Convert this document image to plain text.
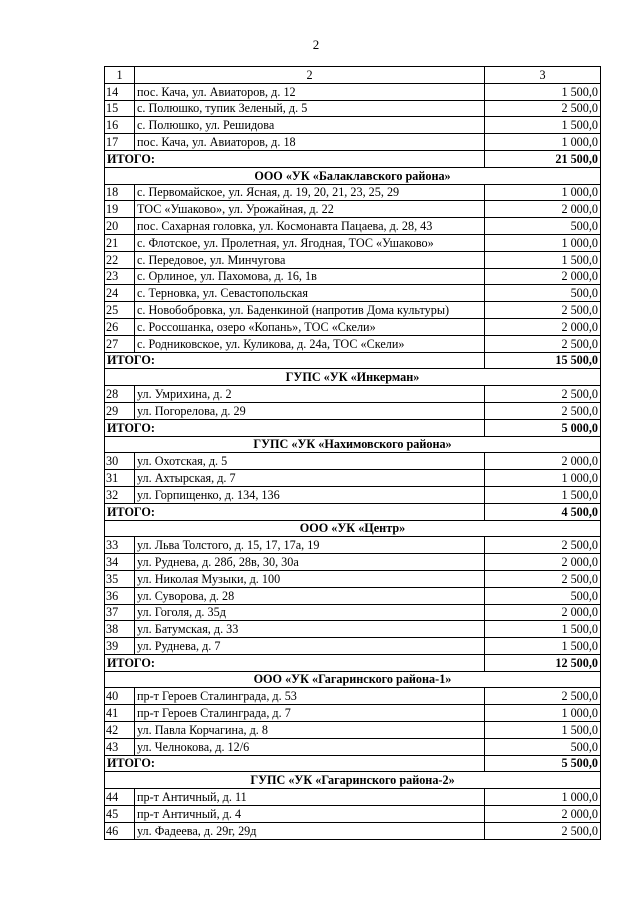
2
1	2	3
14	пос. Кача, ул. Авиаторов, д. 12	1 500,0
15	с. Полюшко, тупик Зеленый, д. 5	2 500,0
16	с. Полюшко, ул. Решидова	1 500,0
17	пос. Кача, ул. Авиаторов, д. 18	1 000,0
ИТОГО:		21 500,0
ООО «УК «Балаклавского района»		
18	с. Первомайское, ул. Ясная, д. 19, 20, 21, 23, 25, 29	1 000,0
19	ТОС «Ушаково», ул. Урожайная, д. 22	2 000,0
20	пос. Сахарная головка, ул. Космонавта Пацаева, д. 28, 43	500,0
21	с. Флотское, ул. Пролетная, ул. Ягодная, ТОС «Ушаково»	1 000,0
22	с. Передовое, ул. Минчугова	1 500,0
23	с. Орлиное, ул. Пахомова, д. 16, 1в	2 000,0
24	с. Терновка, ул. Севастопольская	500,0
25	с. Новобобровка, ул. Баденкиной (напротив Дома культуры)	2 500,0
26	с. Россошанка, озеро «Копань», ТОС «Скели»	2 000,0
27	с. Родниковское, ул. Куликова, д. 24а, ТОС «Скели»	2 500,0
ИТОГО:		15 500,0
ГУПС «УК «Инкерман»		
28	ул. Умрихина, д. 2	2 500,0
29	ул. Погорелова, д. 29	2 500,0
ИТОГО:		5 000,0
ГУПС «УК «Нахимовского района»		
30	ул. Охотская, д. 5	2 000,0
31	ул. Ахтырская, д. 7	1 000,0
32	ул. Горпищенко, д. 134, 136	1 500,0
ИТОГО:		4 500,0
ООО «УК «Центр»		
33	ул. Льва Толстого, д. 15, 17, 17а, 19	2 500,0
34	ул. Руднева, д. 28б, 28в, 30, 30а	2 000,0
35	ул. Николая Музыки, д. 100	2 500,0
36	ул. Суворова, д. 28	500,0
37	ул. Гоголя, д. 35д	2 000,0
38	ул. Батумская, д. 33	1 500,0
39	ул. Руднева, д. 7	1 500,0
ИТОГО:		12 500,0
ООО «УК «Гагаринского района-1»		
40	пр-т Героев Сталинграда, д. 53	2 500,0
41	пр-т Героев Сталинграда, д. 7	1 000,0
42	ул. Павла Корчагина, д. 8	1 500,0
43	ул. Челнокова, д. 12/6	500,0
ИТОГО:		5 500,0
ГУПС «УК «Гагаринского района-2»		
44	пр-т Античный, д. 11	1 000,0
45	пр-т Античный, д. 4	2 000,0
46	ул. Фадеева, д. 29г, 29д	2 500,0
